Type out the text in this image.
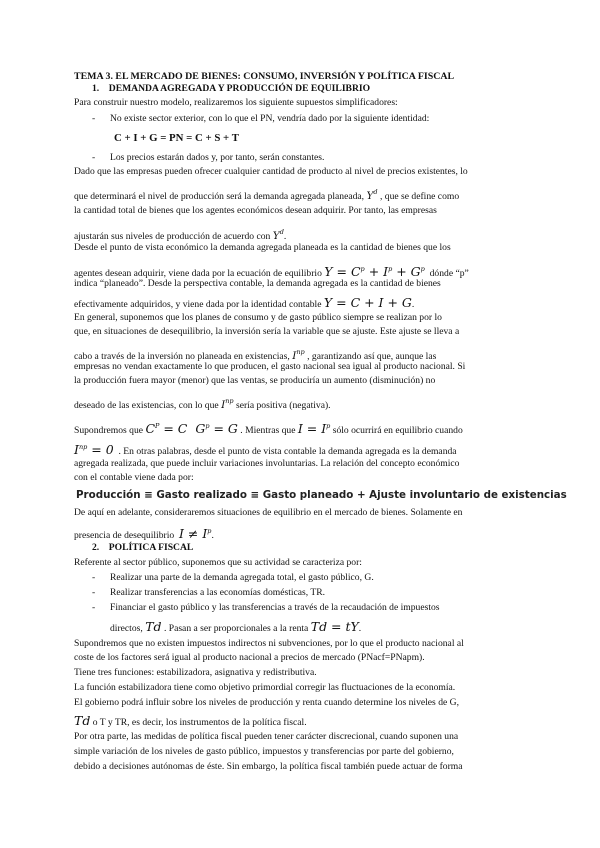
TEMA 3. EL MERCADO DE BIENES: CONSUMO, INVERSIÓN Y POLÍTICA FISCAL
1. DEMANDA AGREGADA Y PRODUCCIÓN DE EQUILIBRIO
Para construir nuestro modelo, realizaremos los siguiente supuestos simplificadores:
- No existe sector exterior, con lo que el PN, vendría dado por la siguiente identidad:
C + I + G = PN = C + S + T
- Los precios estarán dados y, por tanto, serán constantes.
Dado que las empresas pueden ofrecer cualquier cantidad de producto al nivel de precios existentes, lo
que determinará el nivel de producción será la demanda agregada planeada, $Y^d$ , que se define como
la cantidad total de bienes que los agentes económicos desean adquirir. Por tanto, las empresas
ajustarán sus niveles de producción de acuerdo con $Y^d$.
Desde el punto de vista económico la demanda agregada planeada es la cantidad de bienes que los
agentes desean adquirir, viene dada por la ecuación de equilibrio $Y = C^p + I^p + G^p$ dónde “p”
indica “planeado”. Desde la perspectiva contable, la demanda agregada es la cantidad de bienes
efectivamente adquiridos, y viene dada por la identidad contable Y = C + I + G.
En general, suponemos que los planes de consumo y de gasto público siempre se realizan por lo
que, en situaciones de desequilibrio, la inversión sería la variable que se ajuste. Este ajuste se lleva a
cabo a través de la inversión no planeada en existencias, $I^{np}$ , garantizando así que, aunque las
empresas no vendan exactamente lo que producen, el gasto nacional sea igual al producto nacional. Si
la producción fuera mayor (menor) que las ventas, se produciría un aumento (disminución) no
deseado de las existencias, con lo que $I^{np}$ sería positiva (negativa).
Supondremos que $C^P = C$  $G^p = G$ . Mientras que $I = I^p$ sólo ocurrirá en equilibrio cuando
$I^{np} = 0$ . En otras palabras, desde el punto de vista contable la demanda agregada es la demanda
agregada realizada, que puede incluir variaciones involuntarias. La relación del concepto económico
con el contable viene dada por:
Producción ≡ Gasto realizado ≡ Gasto planeado + Ajuste involuntario de existencias
De aquí en adelante, consideraremos situaciones de equilibrio en el mercado de bienes. Solamente en
presencia de desequilibrio $I \ne I^p$.
2. POLÍTICA FISCAL
Referente al sector público, suponemos que su actividad se caracteriza por:
- Realizar una parte de la demanda agregada total, el gasto público, G.
- Realizar transferencias a las economías domésticas, TR.
- Financiar el gasto público y las transferencias a través de la recaudación de impuestos
directos, Td . Pasan a ser proporcionales a la renta Td = tY.
Supondremos que no existen impuestos indirectos ni subvenciones, por lo que el producto nacional al
coste de los factores será igual al producto nacional a precios de mercado (PNacf=PNapm).
Tiene tres funciones: estabilizadora, asignativa y redistributiva.
La función estabilizadora tiene como objetivo primordial corregir las fluctuaciones de la economía.
El gobierno podrá influir sobre los niveles de producción y renta cuando determine los niveles de G,
Td o T y TR, es decir, los instrumentos de la política fiscal.
Por otra parte, las medidas de política fiscal pueden tener carácter discrecional, cuando suponen una
simple variación de los niveles de gasto público, impuestos y transferencias por parte del gobierno,
debido a decisiones autónomas de éste. Sin embargo, la política fiscal también puede actuar de forma
